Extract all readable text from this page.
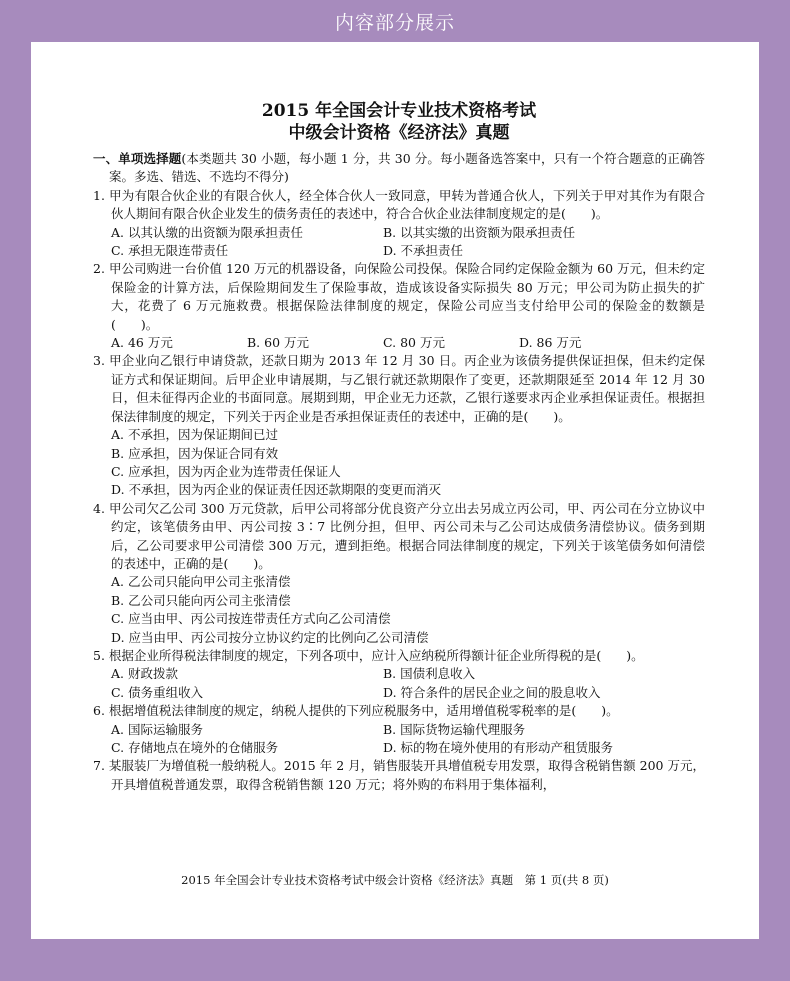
内容部分展示
2015 年全国会计专业技术资格考试
中级会计资格《经济法》真题
一、单项选择题(本类题共 30 小题，每小题 1 分，共 30 分。每小题备选答案中，只有一个符合题意的正确答案。多选、错选、不选均不得分)
1. 甲为有限合伙企业的有限合伙人，经全体合伙人一致同意，甲转为普通合伙人，下列关于甲对其作为有限合伙人期间有限合伙企业发生的债务责任的表述中，符合合伙企业法律制度规定的是(　　)。
A. 以其认缴的出资额为限承担责任	B. 以其实缴的出资额为限承担责任
C. 承担无限连带责任	D. 不承担责任
2. 甲公司购进一台价值 120 万元的机器设备，向保险公司投保。保险合同约定保险金额为 60 万元，但未约定保险金的计算方法，后保险期间发生了保险事故，造成该设备实际损失 80 万元；甲公司为防止损失的扩大，花费了 6 万元施救费。根据保险法律制度的规定，保险公司应当支付给甲公司的保险金的数额是(　　)。
A. 46 万元	B. 60 万元	C. 80 万元	D. 86 万元
3. 甲企业向乙银行申请贷款，还款日期为 2013 年 12 月 30 日。丙企业为该债务提供保证担保，但未约定保证方式和保证期间。后甲企业申请展期，与乙银行就还款期限作了变更，还款期限延至 2014 年 12 月 30 日，但未征得丙企业的书面同意。展期到期，甲企业无力还款，乙银行遂要求丙企业承担保证责任。根据担保法律制度的规定，下列关于丙企业是否承担保证责任的表述中，正确的是(　　)。
A. 不承担，因为保证期间已过
B. 应承担，因为保证合同有效
C. 应承担，因为丙企业为连带责任保证人
D. 不承担，因为丙企业的保证责任因还款期限的变更而消灭
4. 甲公司欠乙公司 300 万元贷款，后甲公司将部分优良资产分立出去另成立丙公司，甲、丙公司在分立协议中约定，该笔债务由甲、丙公司按 3∶7 比例分担，但甲、丙公司未与乙公司达成债务清偿协议。债务到期后，乙公司要求甲公司清偿 300 万元，遭到拒绝。根据合同法律制度的规定，下列关于该笔债务如何清偿的表述中，正确的是(　　)。
A. 乙公司只能向甲公司主张清偿
B. 乙公司只能向丙公司主张清偿
C. 应当由甲、丙公司按连带责任方式向乙公司清偿
D. 应当由甲、丙公司按分立协议约定的比例向乙公司清偿
5. 根据企业所得税法律制度的规定，下列各项中，应计入应纳税所得额计征企业所得税的是(　　)。
A. 财政拨款	B. 国债利息收入
C. 债务重组收入	D. 符合条件的居民企业之间的股息收入
6. 根据增值税法律制度的规定，纳税人提供的下列应税服务中，适用增值税零税率的是(　　)。
A. 国际运输服务	B. 国际货物运输代理服务
C. 存储地点在境外的仓储服务	D. 标的物在境外使用的有形动产租赁服务
7. 某服装厂为增值税一般纳税人。2015 年 2 月，销售服装开具增值税专用发票，取得含税销售额 200 万元，开具增值税普通发票，取得含税销售额 120 万元；将外购的布料用于集体福利，
2015 年全国会计专业技术资格考试中级会计资格《经济法》真题　第 1 页(共 8 页)
